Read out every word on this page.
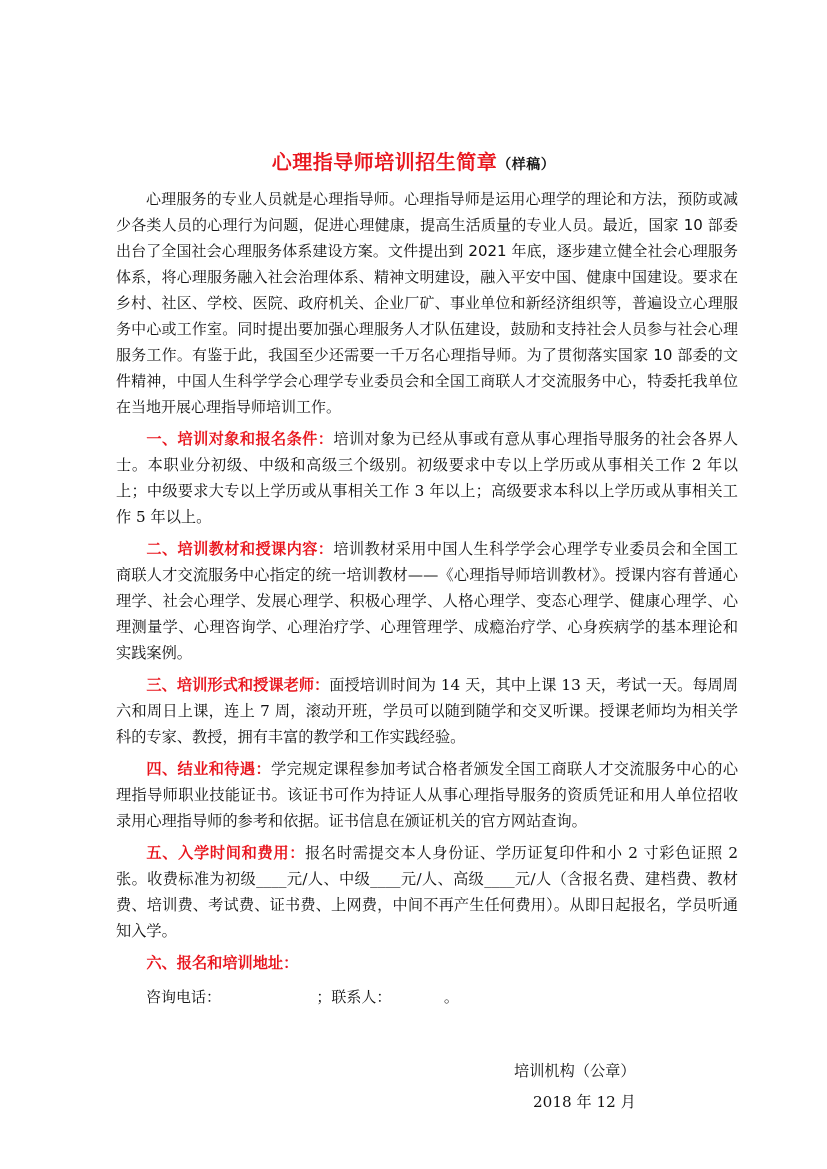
心理指导师培训招生简章（样稿）

心理服务的专业人员就是心理指导师。心理指导师是运用心理学的理论和方法，预防或减少各类人员的心理行为问题，促进心理健康，提高生活质量的专业人员。最近，国家 10 部委出台了全国社会心理服务体系建设方案。文件提出到 2021 年底，逐步建立健全社会心理服务体系，将心理服务融入社会治理体系、精神文明建设，融入平安中国、健康中国建设。要求在乡村、社区、学校、医院、政府机关、企业厂矿、事业单位和新经济组织等，普遍设立心理服务中心或工作室。同时提出要加强心理服务人才队伍建设，鼓励和支持社会人员参与社会心理服务工作。有鉴于此，我国至少还需要一千万名心理指导师。为了贯彻落实国家 10 部委的文件精神，中国人生科学学会心理学专业委员会和全国工商联人才交流服务中心，特委托我单位在当地开展心理指导师培训工作。

一、培训对象和报名条件：培训对象为已经从事或有意从事心理指导服务的社会各界人士。本职业分初级、中级和高级三个级别。初级要求中专以上学历或从事相关工作 2 年以上；中级要求大专以上学历或从事相关工作 3 年以上；高级要求本科以上学历或从事相关工作 5 年以上。

二、培训教材和授课内容：培训教材采用中国人生科学学会心理学专业委员会和全国工商联人才交流服务中心指定的统一培训教材——《心理指导师培训教材》。授课内容有普通心理学、社会心理学、发展心理学、积极心理学、人格心理学、变态心理学、健康心理学、心理测量学、心理咨询学、心理治疗学、心理管理学、成瘾治疗学、心身疾病学的基本理论和实践案例。

三、培训形式和授课老师：面授培训时间为 14 天，其中上课 13 天，考试一天。每周周六和周日上课，连上 7 周，滚动开班，学员可以随到随学和交叉听课。授课老师均为相关学科的专家、教授，拥有丰富的教学和工作实践经验。

四、结业和待遇：学完规定课程参加考试合格者颁发全国工商联人才交流服务中心的心理指导师职业技能证书。该证书可作为持证人从事心理指导服务的资质凭证和用人单位招收录用心理指导师的参考和依据。证书信息在颁证机关的官方网站查询。

五、入学时间和费用：报名时需提交本人身份证、学历证复印件和小 2 寸彩色证照 2 张。收费标准为初级____元/人、中级____元/人、高级____元/人（含报名费、建档费、教材费、培训费、考试费、证书费、上网费，中间不再产生任何费用）。从即日起报名，学员听通知入学。

六、报名和培训地址：

咨询电话：	；联系人：	。
培训机构（公章）
2018 年 12 月
